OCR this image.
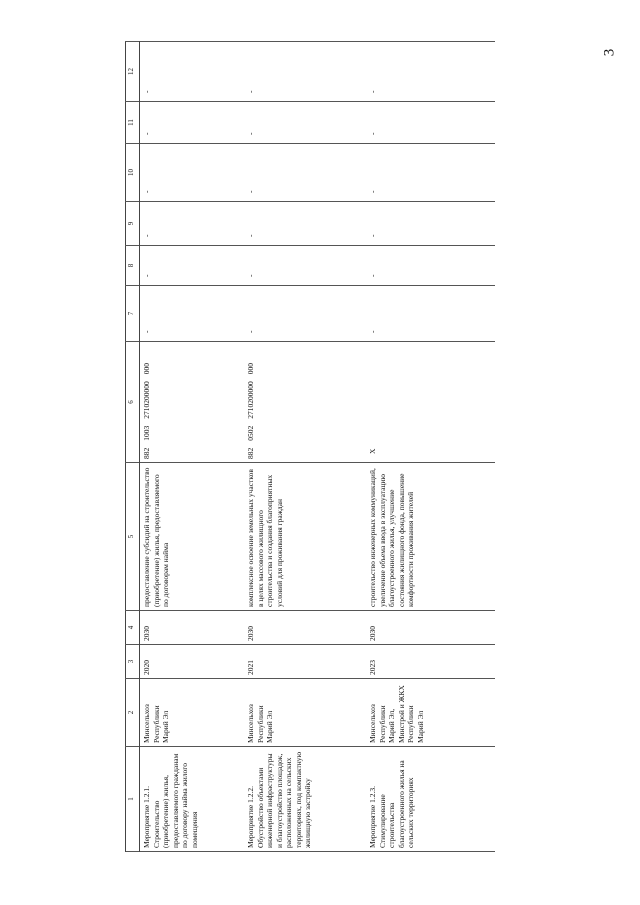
3
1	2	3	4	5	6	7	8	9	10	11	12
Мероприятие 1.2.1. Строительство (приобретение) жилья, предоставляемого гражданам по договору найма жилого помещения	Минсельхоз Республики Марий Эл	2020	2030	предоставление субсидий на строительство (приобретение) жилья, предоставляемого по договорам найма	88210032710200000000	-	-	-	-	-	-
Мероприятие 1.2.2. Обустройство объектами инженерной инфраструктуры и благоустройство площадок, расположенных на сельских территориях, под компактную жилищную застройку	Минсельхоз Республики Марий Эл	2021	2030	комплексное освоение земельных участков в целях массового жилищного строительства и создания благоприятных условий для проживания граждан	88205022710200000000	-	-	-	-	-	-
Мероприятие 1.2.3. Стимулирование строительства благоустроенного жилья на сельских территориях	Минсельхоз Республики Марий Эл, Минстрой и ЖКХ Республики Марий Эл	2023	2030	строительство инженерных коммуникаций, увеличение объема ввода в эксплуатацию благоустроенного жилья, улучшение состояния жилищного фонда, повышение комфортности проживания жителей	Х	-	-	-	-	-	-
